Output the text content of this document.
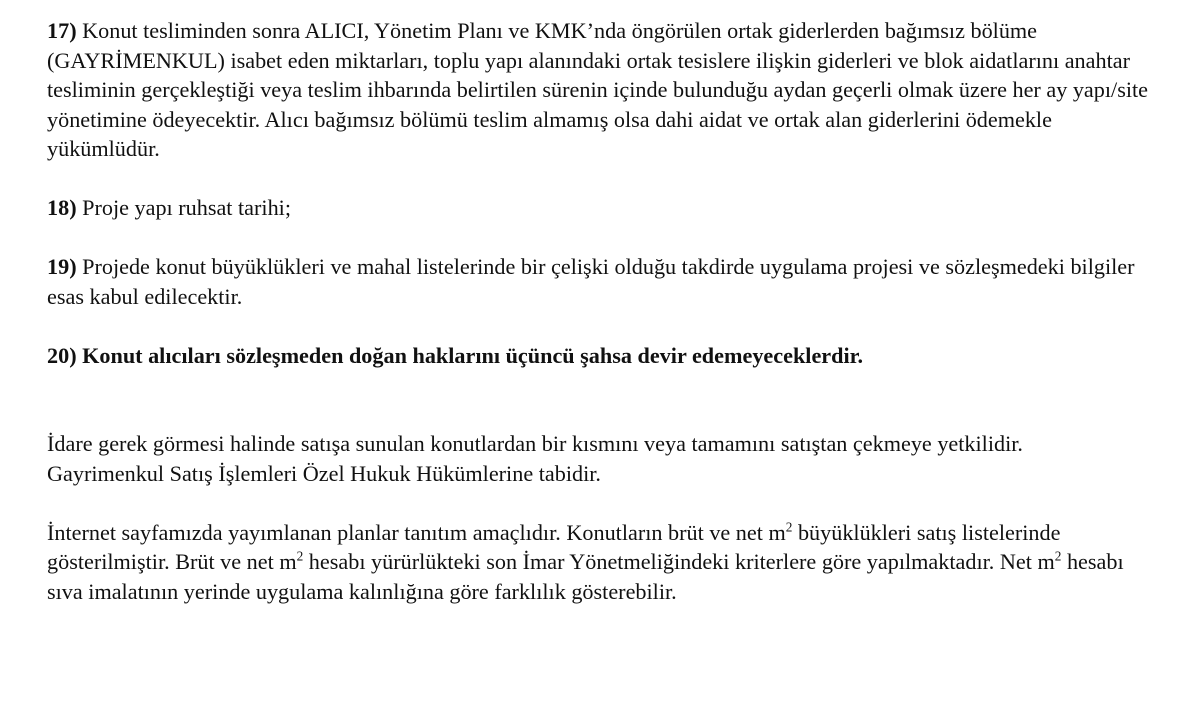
17) Konut tesliminden sonra ALICI, Yönetim Planı ve KMK’nda öngörülen ortak giderlerden bağımsız bölüme (GAYRİMENKUL) isabet eden miktarları, toplu yapı alanındaki ortak tesislere ilişkin giderleri ve blok aidatlarını anahtar tesliminin gerçekleştiği veya teslim ihbarında belirtilen sürenin içinde bulunduğu aydan geçerli olmak üzere her ay yapı/site yönetimine ödeyecektir. Alıcı bağımsız bölümü teslim almamış olsa dahi aidat ve ortak alan giderlerini ödemekle yükümlüdür.

18) Proje yapı ruhsat tarihi;

19) Projede konut büyüklükleri ve mahal listelerinde bir çelişki olduğu takdirde uygulama projesi ve sözleşmedeki bilgiler esas kabul edilecektir.

20) Konut alıcıları sözleşmeden doğan haklarını üçüncü şahsa devir edemeyeceklerdir.

İdare gerek görmesi halinde satışa sunulan konutlardan bir kısmını veya tamamını satıştan çekmeye yetkilidir.

Gayrimenkul Satış İşlemleri Özel Hukuk Hükümlerine tabidir.

İnternet sayfamızda yayımlanan planlar tanıtım amaçlıdır. Konutların brüt ve net $m^2$ büyüklükleri satış listelerinde gösterilmiştir. Brüt ve net $m^2$ hesabı yürürlükteki son İmar Yönetmeliğindeki kriterlere göre yapılmaktadır. Net $m^2$ hesabı sıva imalatının yerinde uygulama kalınlığına göre farklılık gösterebilir.
